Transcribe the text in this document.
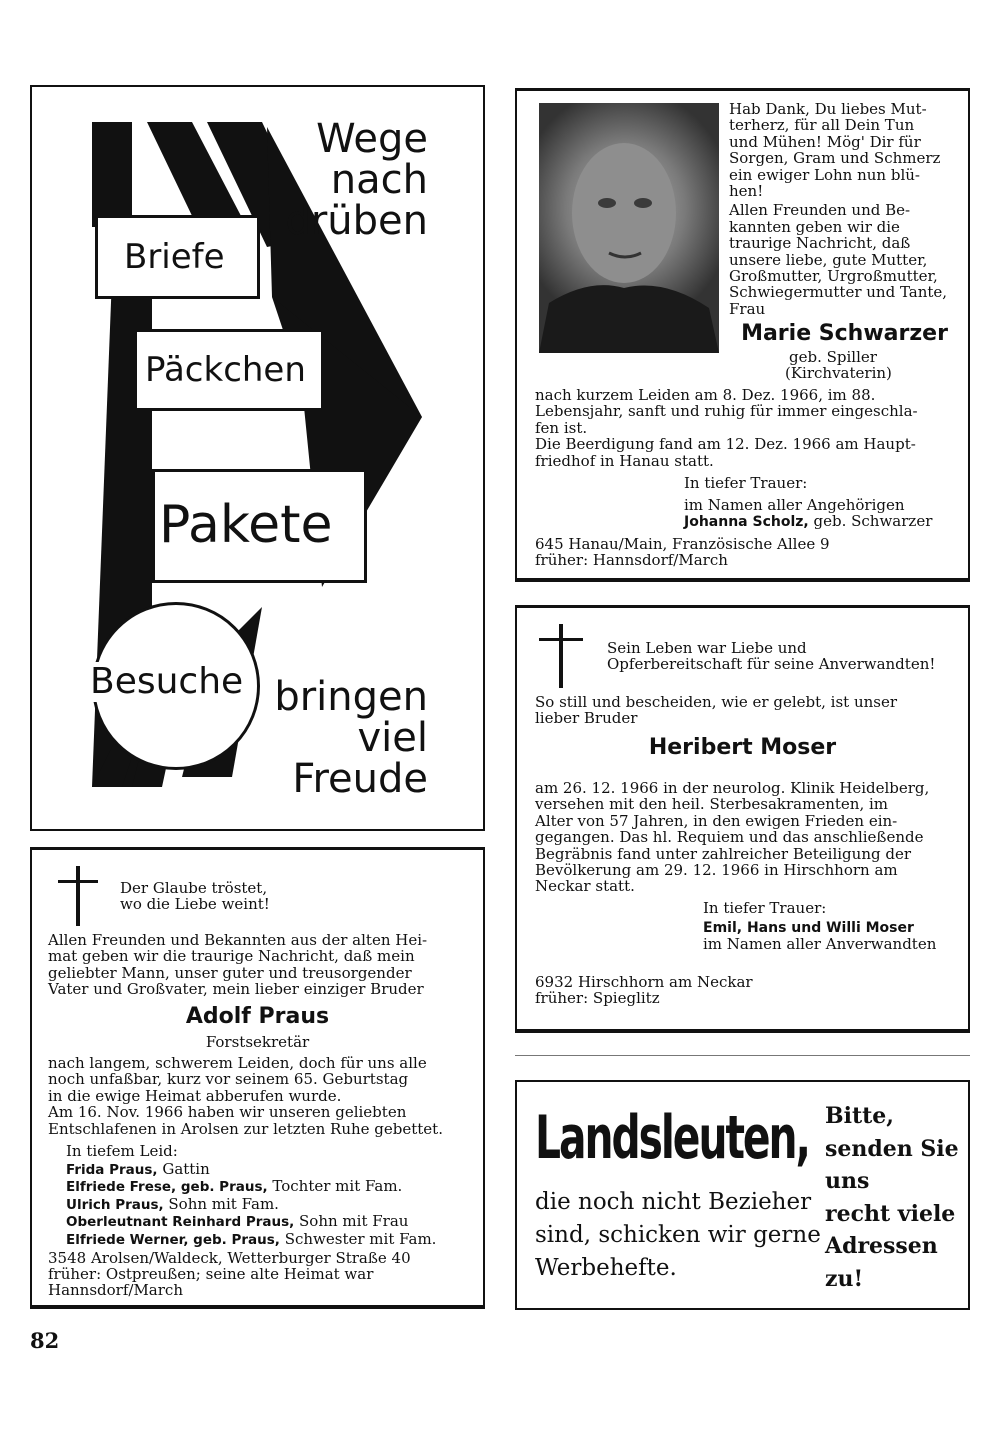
Wege
nach
drüben
Briefe
Päckchen
Pakete
Besuche bringen
viel
Freude
Hab Dank, Du liebes Mut-
terherz, für all Dein Tun
und Mühen! Mög' Dir für
Sorgen, Gram und Schmerz
ein ewiger Lohn nun blü-
hen!
Allen Freunden und Be-
kannten geben wir die
traurige Nachricht, daß
unsere liebe, gute Mutter,
Großmutter, Urgroßmutter,
Schwiegermutter und Tante,
Frau
Marie Schwarzer
geb. Spiller
(Kirchvaterin)
nach kurzem Leiden am 8. Dez. 1966, im 88.
Lebensjahr, sanft und ruhig für immer eingeschla-
fen ist.
Die Beerdigung fand am 12. Dez. 1966 am Haupt-
friedhof in Hanau statt.
In tiefer Trauer:
im Namen aller Angehörigen
Johanna Scholz, geb. Schwarzer
645 Hanau/Main, Französische Allee 9
früher: Hannsdorf/March
Sein Leben war Liebe und
Opferbereitschaft für seine Anverwandten!
So still und bescheiden, wie er gelebt, ist unser
lieber Bruder
Heribert Moser
am 26. 12. 1966 in der neurolog. Klinik Heidelberg,
versehen mit den heil. Sterbesakramenten, im
Alter von 57 Jahren, in den ewigen Frieden ein-
gegangen. Das hl. Requiem und das anschließende
Begräbnis fand unter zahlreicher Beteiligung der
Bevölkerung am 29. 12. 1966 in Hirschhorn am
Neckar statt.
In tiefer Trauer:
Emil, Hans und Willi Moser
im Namen aller Anverwandten
6932 Hirschhorn am Neckar
früher: Spieglitz
Landsleuten,
die noch nicht Bezieher
sind, schicken wir gerne
Werbehefte.
Bitte,
senden Sie
uns
recht viele
Adressen
zu!
Der Glaube tröstet,
wo die Liebe weint!
Allen Freunden und Bekannten aus der alten Hei-
mat geben wir die traurige Nachricht, daß mein
geliebter Mann, unser guter und treusorgender
Vater und Großvater, mein lieber einziger Bruder
Adolf Praus
Forstsekretär
nach langem, schwerem Leiden, doch für uns alle
noch unfaßbar, kurz vor seinem 65. Geburtstag
in die ewige Heimat abberufen wurde.
Am 16. Nov. 1966 haben wir unseren geliebten
Entschlafenen in Arolsen zur letzten Ruhe gebettet.
In tiefem Leid:
Frida Praus, Gattin
Elfriede Frese, geb. Praus, Tochter mit Fam.
Ulrich Praus, Sohn mit Fam.
Oberleutnant Reinhard Praus, Sohn mit Frau
Elfriede Werner, geb. Praus, Schwester mit Fam.
3548 Arolsen/Waldeck, Wetterburger Straße 40
früher: Ostpreußen; seine alte Heimat war
Hannsdorf/March
82
